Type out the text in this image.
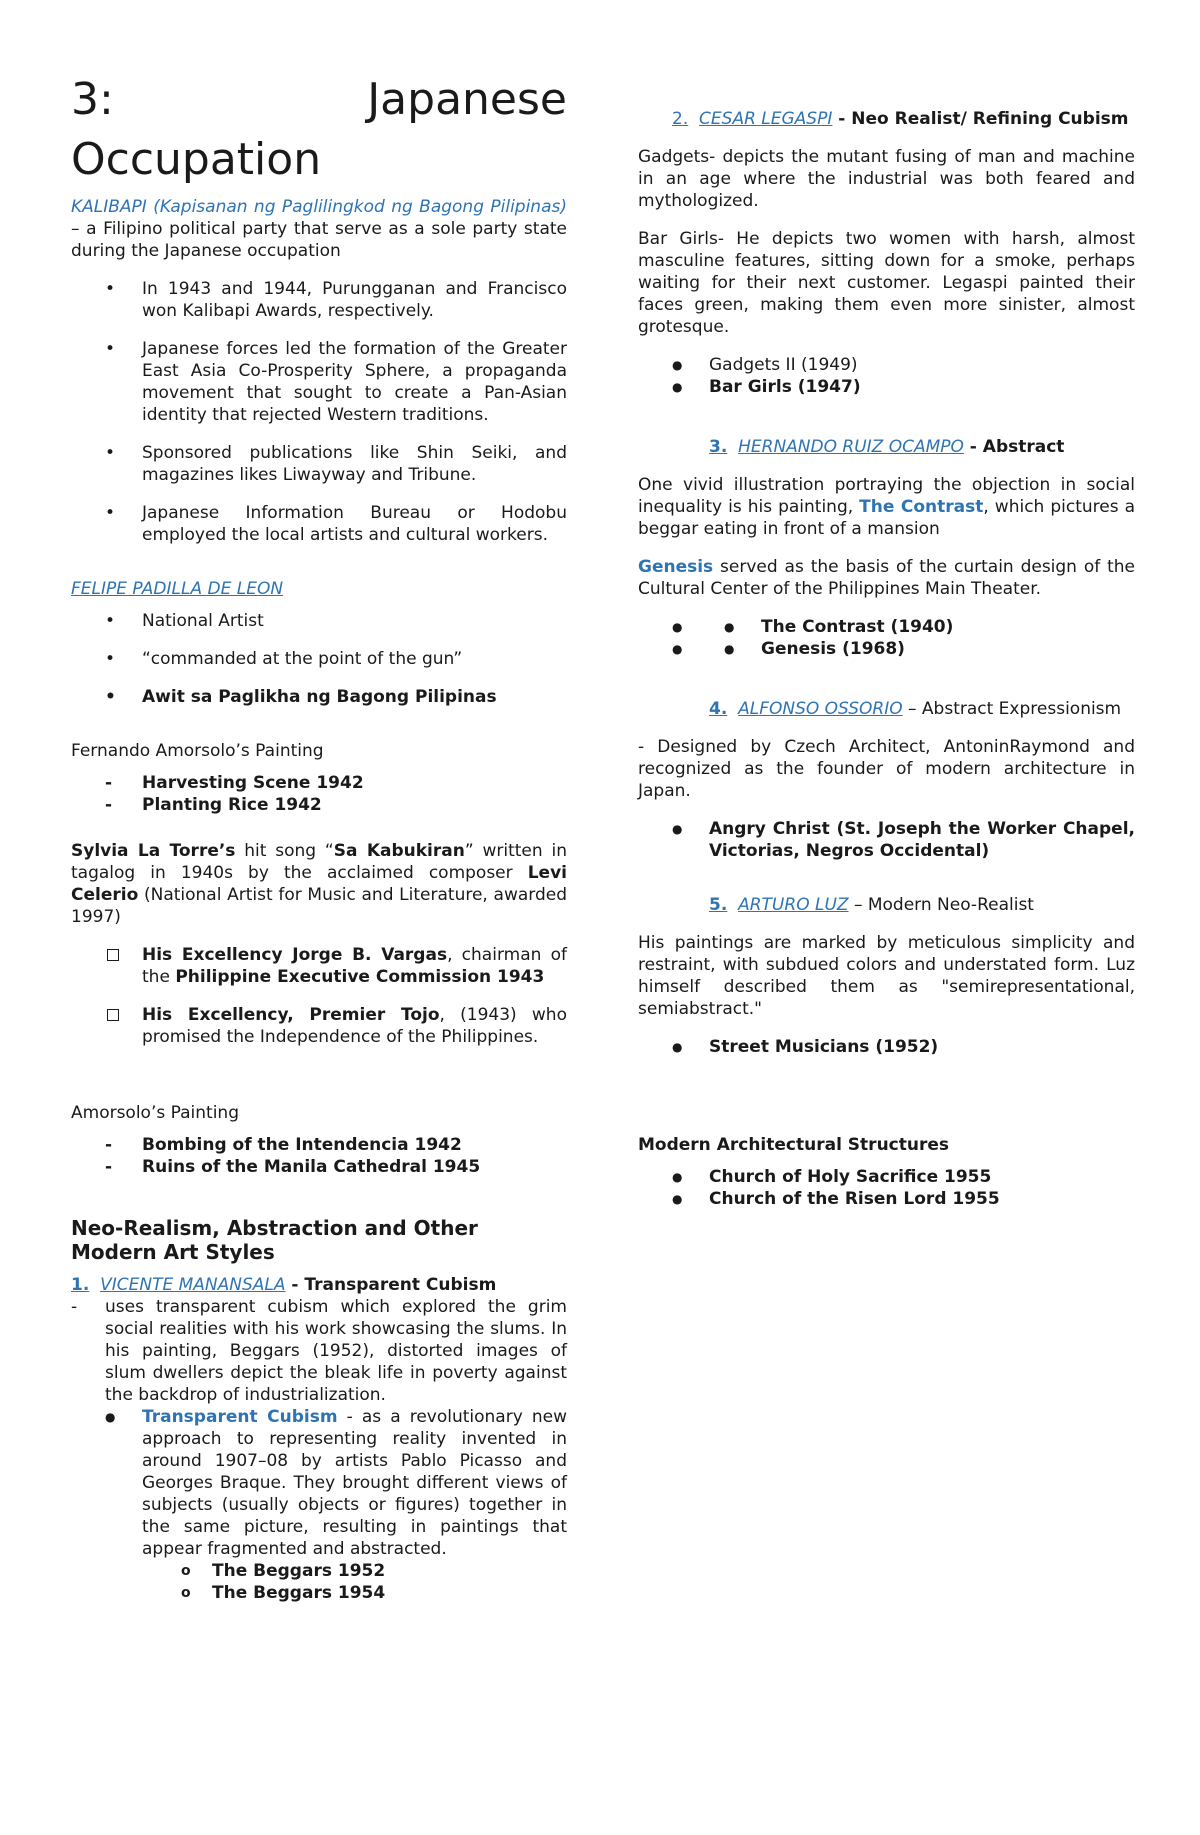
3:	Japanese
Occupation

KALIBAPI (Kapisanan ng Paglilingkod ng Bagong Pilipinas) – a Filipino political party that serve as a sole party state during the Japanese occupation

• In 1943 and 1944, Purungganan and Francisco won Kalibapi Awards, respectively.
• Japanese forces led the formation of the Greater East Asia Co-Prosperity Sphere, a propaganda movement that sought to create a Pan-Asian identity that rejected Western traditions.
• Sponsored publications like Shin Seiki, and magazines likes Liwayway and Tribune.
• Japanese Information Bureau or Hodobu employed the local artists and cultural workers.

FELIPE PADILLA DE LEON

• National Artist
• “commanded at the point of the gun”
• Awit sa Paglikha ng Bagong Pilipinas

Fernando Amorsolo’s Painting

- Harvesting Scene 1942
- Planting Rice 1942

Sylvia La Torre’s hit song “Sa Kabukiran” written in tagalog in 1940s by the acclaimed composer Levi Celerio (National Artist for Music and Literature, awarded 1997)

His Excellency Jorge B. Vargas, chairman of the Philippine Executive Commission 1943
His Excellency, Premier Tojo, (1943) who promised the Independence of the Philippines.

Amorsolo’s Painting

- Bombing of the Intendencia 1942
- Ruins of the Manila Cathedral 1945
Neo-Realism, Abstraction and Other Modern Art Styles

1. VICENTE MANANSALA - Transparent Cubism

- uses transparent cubism which explored the grim social realities with his work showcasing the slums. In his painting, Beggars (1952), distorted images of slum dwellers depict the bleak life in poverty against the backdrop of industrialization.

● Transparent Cubism - as a revolutionary new approach to representing reality invented in around 1907–08 by artists Pablo Picasso and Georges Braque. They brought different views of subjects (usually objects or figures) together in the same picture, resulting in paintings that appear fragmented and abstracted.
o The Beggars 1952
o The Beggars 1954

2. CESAR LEGASPI - Neo Realist/ Refining Cubism

Gadgets- depicts the mutant fusing of man and machine in an age where the industrial was both feared and mythologized.

Bar Girls- He depicts two women with harsh, almost masculine features, sitting down for a smoke, perhaps waiting for their next customer. Legaspi painted their faces green, making them even more sinister, almost grotesque.

● Gadgets II (1949)
● Bar Girls (1947)

3. HERNANDO RUIZ OCAMPO - Abstract

One vivid illustration portraying the objection in social inequality is his painting, The Contrast, which pictures a beggar eating in front of a mansion

Genesis served as the basis of the curtain design of the Cultural Center of the Philippines Main Theater.

● ● The Contrast (1940)
● ● Genesis (1968)

4. ALFONSO OSSORIO – Abstract Expressionism

- Designed by Czech Architect, AntoninRaymond and recognized as the founder of modern architecture in Japan.

● Angry Christ (St. Joseph the Worker Chapel, Victorias, Negros Occidental)

5. ARTURO LUZ – Modern Neo-Realist

His paintings are marked by meticulous simplicity and restraint, with subdued colors and understated form. Luz himself described them as "semirepresentational, semiabstract."

● Street Musicians (1952)

Modern Architectural Structures

● Church of Holy Sacrifice 1955
● Church of the Risen Lord 1955
